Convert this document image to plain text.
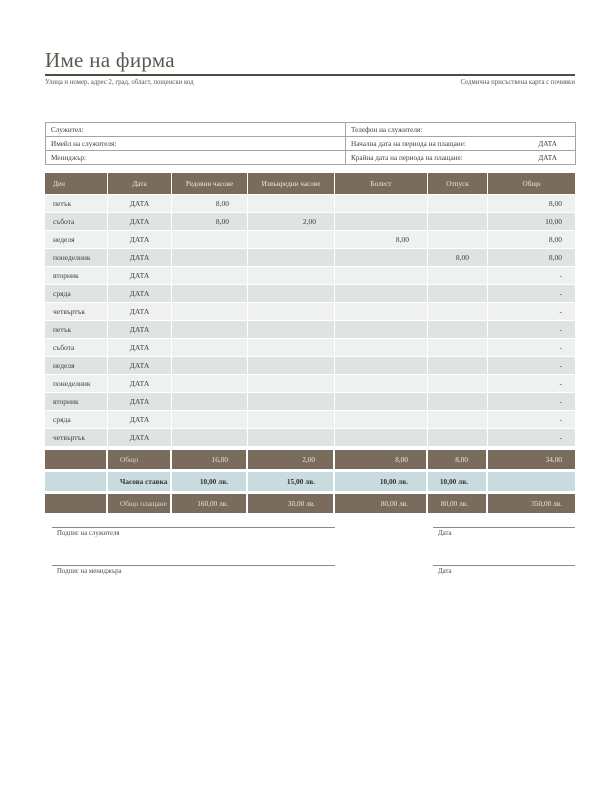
Име на фирма
Улица и номер, адрес 2, град, област, пощенски код	Седмична присъствена карта с почивки
Служител:	Телефон на служителя:

Имейл на служителя:	Начална дата на периода на плащане: ДАТА

Мениджър:	Крайна дата на периода на плащане: ДАТА
Ден	Дата	Редовни часове	Извънредни часове	Болест	Отпуск	Общо
петък	ДАТА	8,00				8,00
събота	ДАТА	8,00	2,00			10,00
неделя	ДАТА			8,00		8,00
понеделник	ДАТА				8,00	8,00
вторник	ДАТА					-
сряда	ДАТА					-
четвъртък	ДАТА					-
петък	ДАТА					-
събота	ДАТА					-
неделя	ДАТА					-
понеделник	ДАТА					-
вторник	ДАТА					-
сряда	ДАТА					-
четвъртък	ДАТА					-
	Общо	16,00	2,00	8,00	8,00	34,00
	Часова ставка	10,00 лв.	15,00 лв.	10,00 лв.	10,00 лв.	
	Общо плащане	160,00 лв.	30,00 лв.	80,00 лв.	80,00 лв.	350,00 лв.
Подпис на служителя	Дата
Подпис на мениджъра	Дата
